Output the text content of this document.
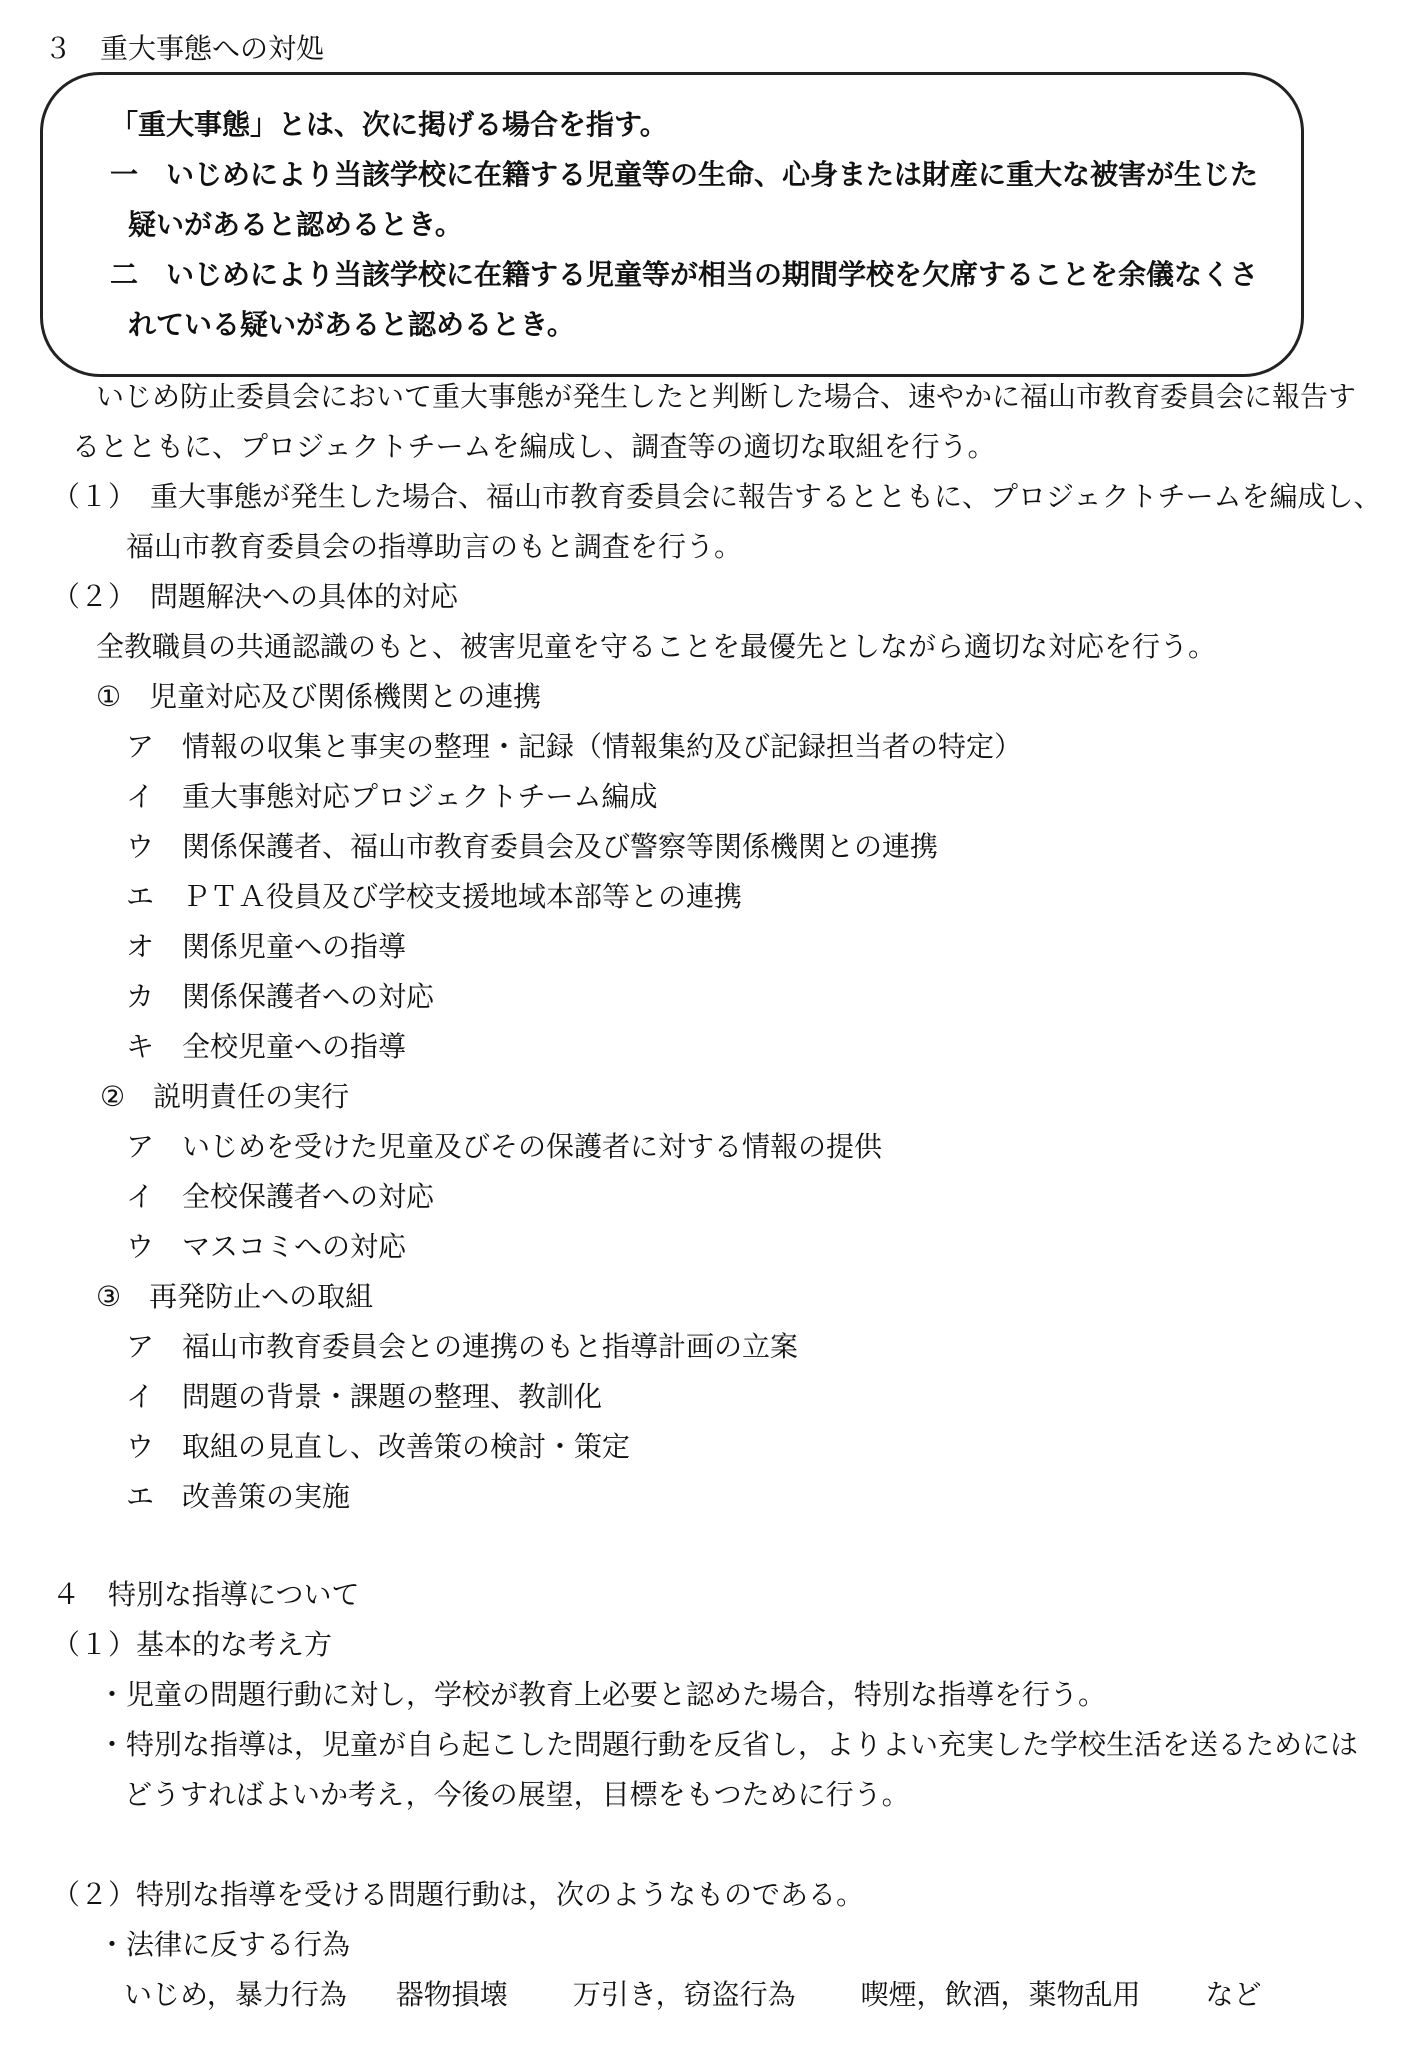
３　重大事態への対処
「重大事態」とは、次に掲げる場合を指す。
一　いじめにより当該学校に在籍する児童等の生命、心身または財産に重大な被害が生じた
疑いがあると認めるとき。
二　いじめにより当該学校に在籍する児童等が相当の期間学校を欠席することを余儀なくさ
れている疑いがあると認めるとき。
いじめ防止委員会において重大事態が発生したと判断した場合、速やかに福山市教育委員会に報告す
るとともに、プロジェクトチームを編成し、調査等の適切な取組を行う。
（１）　重大事態が発生した場合、福山市教育委員会に報告するとともに、プロジェクトチームを編成し、
福山市教育委員会の指導助言のもと調査を行う。
（２）　問題解決への具体的対応
全教職員の共通認識のもと、被害児童を守ることを最優先としながら適切な対応を行う。
①　児童対応及び関係機関との連携
ア　情報の収集と事実の整理・記録（情報集約及び記録担当者の特定）
イ　重大事態対応プロジェクトチーム編成
ウ　関係保護者、福山市教育委員会及び警察等関係機関との連携
エ　ＰＴＡ役員及び学校支援地域本部等との連携
オ　関係児童への指導
カ　関係保護者への対応
キ　全校児童への指導
②　説明責任の実行
ア　いじめを受けた児童及びその保護者に対する情報の提供
イ　全校保護者への対応
ウ　マスコミへの対応
③　再発防止への取組
ア　福山市教育委員会との連携のもと指導計画の立案
イ　問題の背景・課題の整理、教訓化
ウ　取組の見直し、改善策の検討・策定
エ　改善策の実施
４　特別な指導について
（１）基本的な考え方
・児童の問題行動に対し，学校が教育上必要と認めた場合，特別な指導を行う。
・特別な指導は，児童が自ら起こした問題行動を反省し，よりよい充実した学校生活を送るためには
どうすればよいか考え，今後の展望，目標をもつために行う。
（２）特別な指導を受ける問題行動は，次のようなものである。
・法律に反する行為
いじめ，暴力行為 器物損壊 万引き，窃盗行為 喫煙，飲酒，薬物乱用 など
